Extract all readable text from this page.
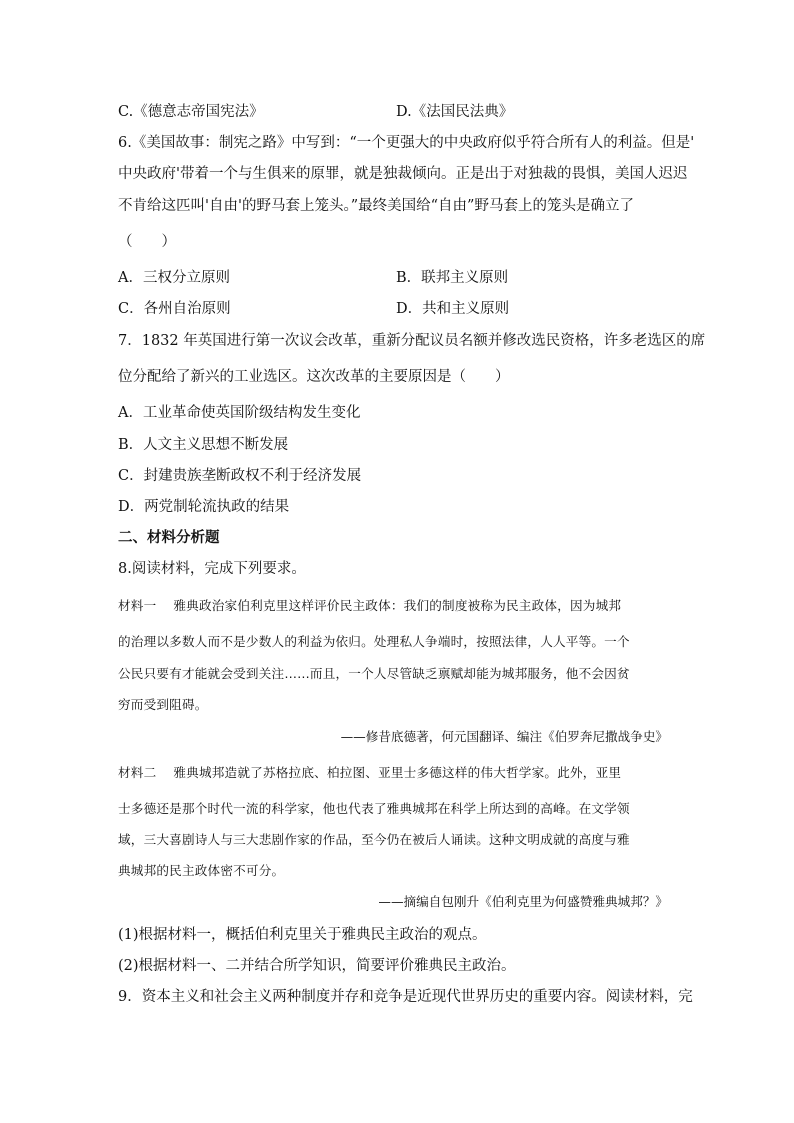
C.《德意志帝国宪法》	D.《法国民法典》
6.《美国故事：制宪之路》中写到：“一个更强大的中央政府似乎符合所有人的利益。但是'
中央政府'带着一个与生俱来的原罪，就是独裁倾向。正是出于对独裁的畏惧，美国人迟迟
不肯给这匹叫'自由'的野马套上笼头。”最终美国给“自由”野马套上的笼头是确立了
（　　）
A．三权分立原则	B．联邦主义原则
C．各州自治原则	D．共和主义原则
7．1832 年英国进行第一次议会改革，重新分配议员名额并修改选民资格，许多老选区的席
位分配给了新兴的工业选区。这次改革的主要原因是（　　）
A．工业革命使英国阶级结构发生变化
B．人文主义思想不断发展
C．封建贵族垄断政权不利于经济发展
D．两党制轮流执政的结果
二、材料分析题
8.阅读材料，完成下列要求。
材料一　 雅典政治家伯利克里这样评价民主政体：我们的制度被称为民主政体，因为城邦
的治理以多数人而不是少数人的利益为依归。处理私人争端时，按照法律，人人平等。一个
公民只要有才能就会受到关注……而且，一个人尽管缺乏禀赋却能为城邦服务，他不会因贫
穷而受到阻碍。
——修昔底德著，何元国翻译、编注《伯罗奔尼撒战争史》
材料二　 雅典城邦造就了苏格拉底、柏拉图、亚里士多德这样的伟大哲学家。此外，亚里
士多德还是那个时代一流的科学家，他也代表了雅典城邦在科学上所达到的高峰。在文学领
域，三大喜剧诗人与三大悲剧作家的作品，至今仍在被后人诵读。这种文明成就的高度与雅
典城邦的民主政体密不可分。
——摘编自包刚升《伯利克里为何盛赞雅典城邦？》
(1)根据材料一，概括伯利克里关于雅典民主政治的观点。
(2)根据材料一、二并结合所学知识，简要评价雅典民主政治。
9．资本主义和社会主义两种制度并存和竞争是近现代世界历史的重要内容。阅读材料，完
